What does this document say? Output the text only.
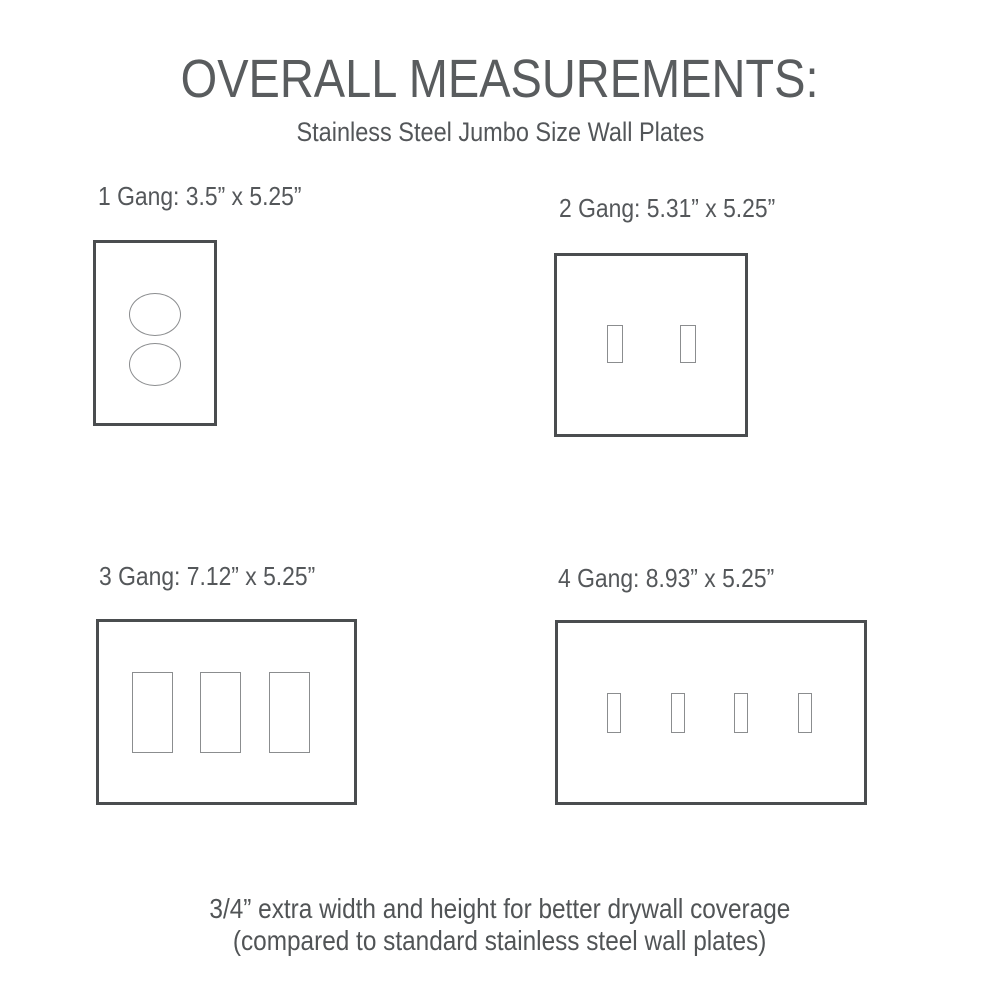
OVERALL MEASUREMENTS:
Stainless Steel Jumbo Size Wall Plates
1 Gang: 3.5” x 5.25”	2 Gang: 5.31” x 5.25”
3 Gang: 7.12” x 5.25”	4 Gang: 8.93” x 5.25”
3/4” extra width and height for better drywall coverage
(compared to standard stainless steel wall plates)
